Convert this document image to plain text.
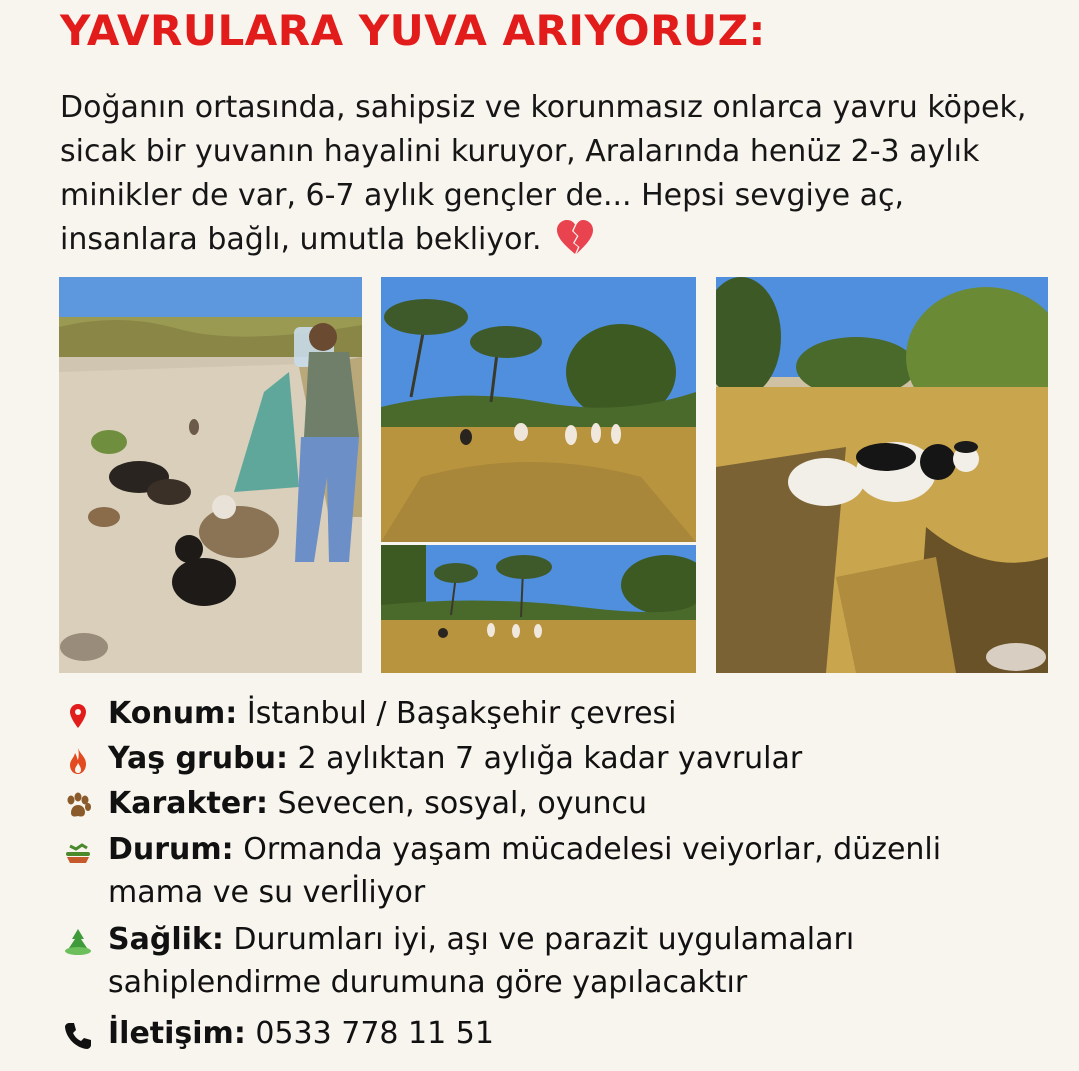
YAVRULARA YUVA ARIYORUZ:
Doğanın ortasında, sahipsiz ve korunmasız onlarca yavru köpek, sicak bir yuvanın hayalini kuruyor, Aralarında henüz 2-3 aylık minikler de var, 6-7 aylık gençler de... Hepsi sevgiye aç, insanlara bağlı, umutla bekliyor.
Konum: İstanbul / Başakşehir çevresi
Yaş grubu: 2 aylıktan 7 aylığa kadar yavrular
Karakter: Sevecen, sosyal, oyuncu
Durum: Ormanda yaşam mücadelesi veiyorlar, düzenli mama ve su verİliyor
Sağlik: Durumları iyi, aşı ve parazit uygulamaları sahiplendirme durumuna göre yapılacaktır
İletişim: 0533 778 11 51
